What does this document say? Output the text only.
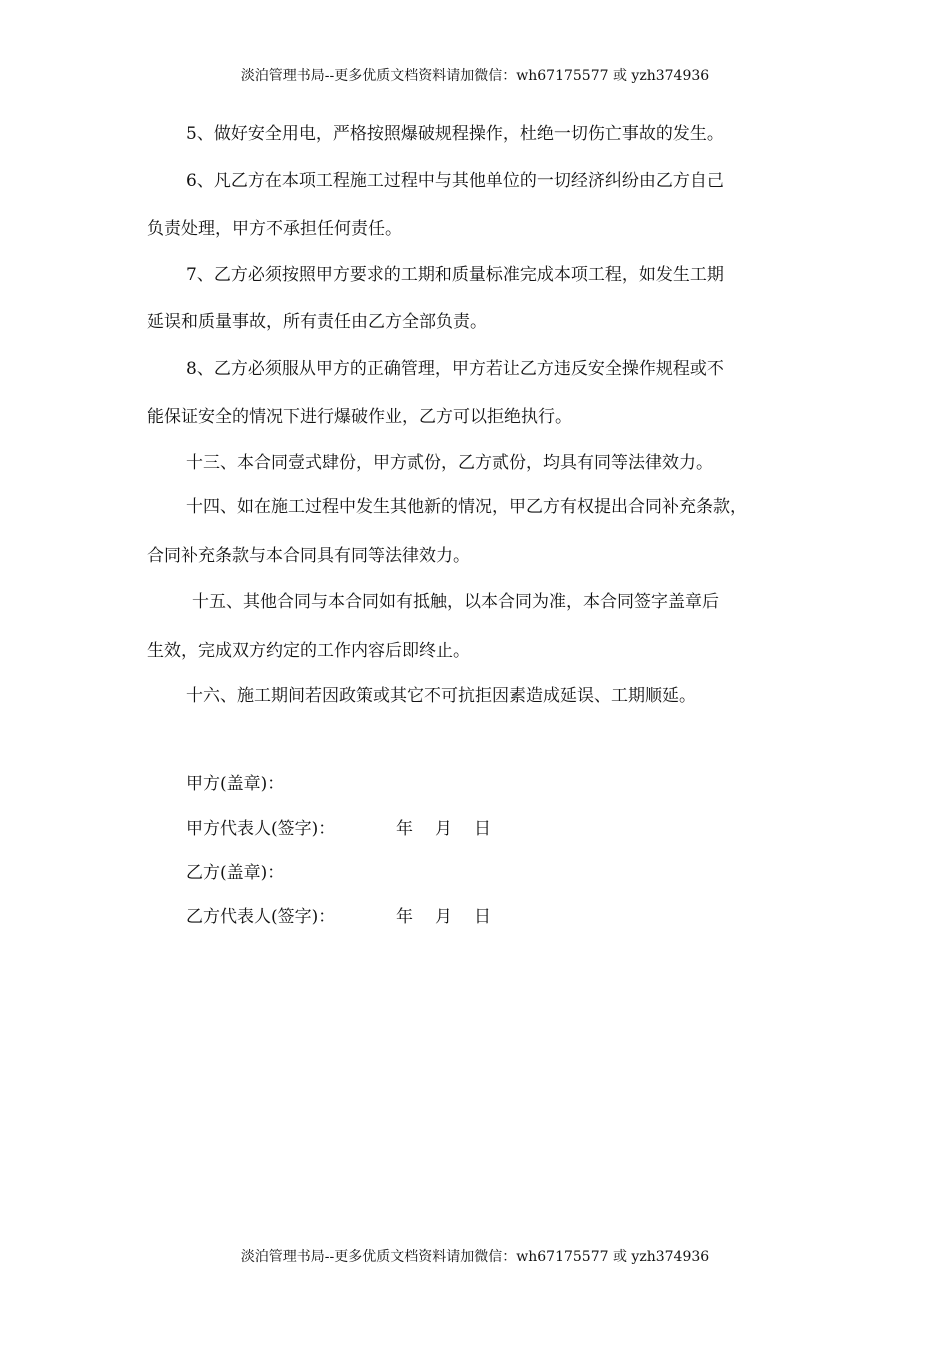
淡泊管理书局--更多优质文档资料请加微信：wh67175577 或 yzh374936
5、做好安全用电，严格按照爆破规程操作，杜绝一切伤亡事故的发生。
6、凡乙方在本项工程施工过程中与其他单位的一切经济纠纷由乙方自己
负责处理，甲方不承担任何责任。
7、乙方必须按照甲方要求的工期和质量标准完成本项工程，如发生工期
延误和质量事故，所有责任由乙方全部负责。
8、乙方必须服从甲方的正确管理，甲方若让乙方违反安全操作规程或不
能保证安全的情况下进行爆破作业，乙方可以拒绝执行。
十三、本合同壹式肆份，甲方贰份，乙方贰份，均具有同等法律效力。
十四、如在施工过程中发生其他新的情况，甲乙方有权提出合同补充条款，
合同补充条款与本合同具有同等法律效力。
十五、其他合同与本合同如有抵触，以本合同为准，本合同签字盖章后
生效，完成双方约定的工作内容后即终止。
十六、施工期间若因政策或其它不可抗拒因素造成延误、工期顺延。
甲方(盖章)：
甲方代表人(签字)：	年 月 日
乙方(盖章)：
乙方代表人(签字)：	年 月 日
淡泊管理书局--更多优质文档资料请加微信：wh67175577 或 yzh374936
